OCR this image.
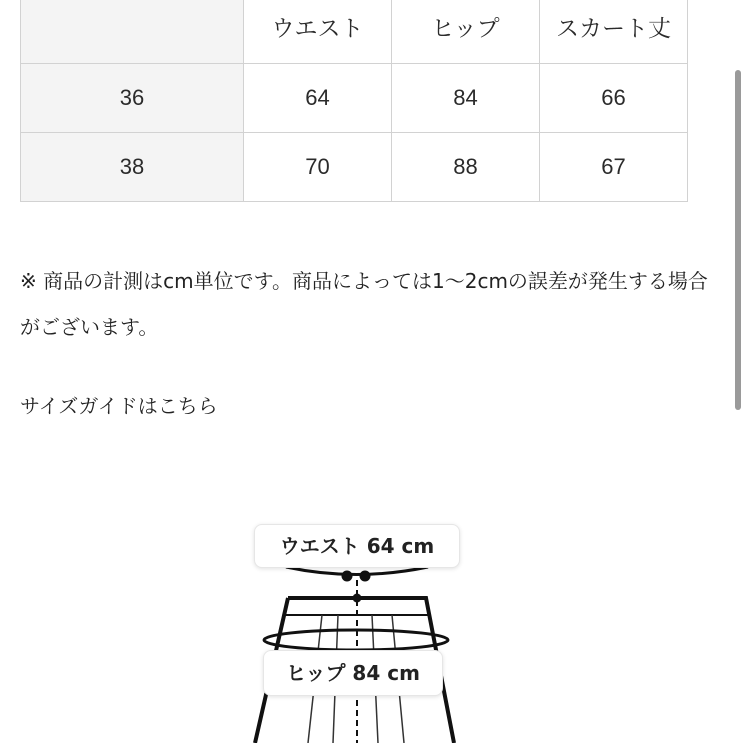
	ウエスト	ヒップ	スカート丈
36	64	84	66
38	70	88	67

※ 商品の計測はcm単位です。商品によっては1〜2cmの誤差が発生する場合がございます。

サイズガイドはこちら
ウエスト 64 cm
ヒップ 84 cm
